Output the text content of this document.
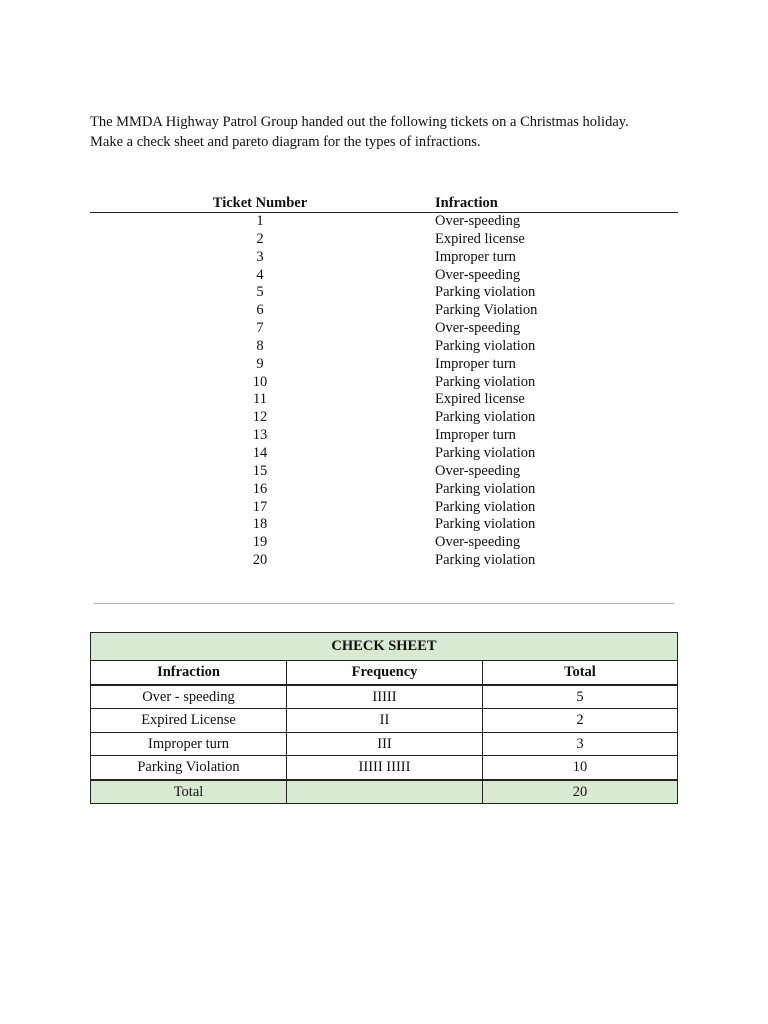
The MMDA Highway Patrol Group handed out the following tickets on a Christmas holiday.
Make a check sheet and pareto diagram for the types of infractions.

Ticket Number	Infraction
1	Over-speeding
2	Expired license
3	Improper turn
4	Over-speeding
5	Parking violation
6	Parking Violation
7	Over-speeding
8	Parking violation
9	Improper turn
10	Parking violation
11	Expired license
12	Parking violation
13	Improper turn
14	Parking violation
15	Over-speeding
16	Parking violation
17	Parking violation
18	Parking violation
19	Over-speeding
20	Parking violation
CHECK SHEET		
Infraction	Frequency	Total
Over - speeding	IIIII	5
Expired License	II	2
Improper turn	III	3
Parking Violation	IIIII IIIII	10
Total		20
